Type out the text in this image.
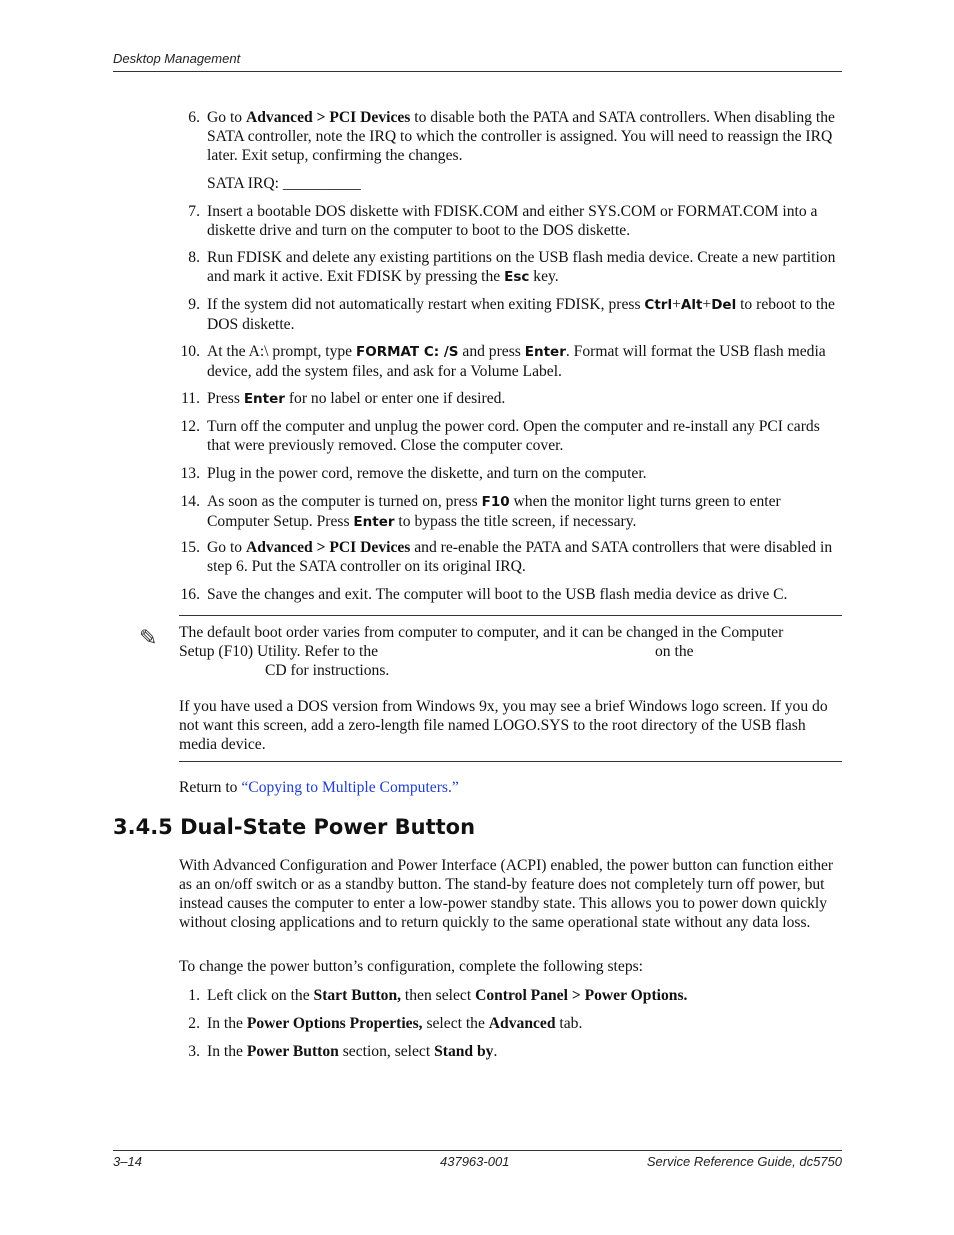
Desktop Management
6. Go to Advanced > PCI Devices to disable both the PATA and SATA controllers. When disabling the SATA controller, note the IRQ to which the controller is assigned. You will need to reassign the IRQ later. Exit setup, confirming the changes.
SATA IRQ: __________
7. Insert a bootable DOS diskette with FDISK.COM and either SYS.COM or FORMAT.COM into a diskette drive and turn on the computer to boot to the DOS diskette.
8. Run FDISK and delete any existing partitions on the USB flash media device. Create a new partition and mark it active. Exit FDISK by pressing the Esc key.
9. If the system did not automatically restart when exiting FDISK, press Ctrl+Alt+Del to reboot to the DOS diskette.
10. At the A:\ prompt, type FORMAT C: /S and press Enter. Format will format the USB flash media device, add the system files, and ask for a Volume Label.
11. Press Enter for no label or enter one if desired.
12. Turn off the computer and unplug the power cord. Open the computer and re-install any PCI cards that were previously removed. Close the computer cover.
13. Plug in the power cord, remove the diskette, and turn on the computer.
14. As soon as the computer is turned on, press F10 when the monitor light turns green to enter Computer Setup. Press Enter to bypass the title screen, if necessary.
15. Go to Advanced > PCI Devices and re-enable the PATA and SATA controllers that were disabled in step 6. Put the SATA controller on its original IRQ.
16. Save the changes and exit. The computer will boot to the USB flash media device as drive C.
✎ The default boot order varies from computer to computer, and it can be changed in the Computer
Setup (F10) Utility. Refer to the	on the
CD for instructions.
If you have used a DOS version from Windows 9x, you may see a brief Windows logo screen. If you do not want this screen, add a zero-length file named LOGO.SYS to the root directory of the USB flash media device.
Return to “Copying to Multiple Computers.”
3.4.5 Dual-State Power Button
With Advanced Configuration and Power Interface (ACPI) enabled, the power button can function either as an on/off switch or as a standby button. The stand-by feature does not completely turn off power, but instead causes the computer to enter a low-power standby state. This allows you to power down quickly without closing applications and to return quickly to the same operational state without any data loss.
To change the power button’s configuration, complete the following steps:
1. Left click on the Start Button, then select Control Panel > Power Options.
2. In the Power Options Properties, select the Advanced tab.
3. In the Power Button section, select Stand by.
3–14	437963-001	Service Reference Guide, dc5750
